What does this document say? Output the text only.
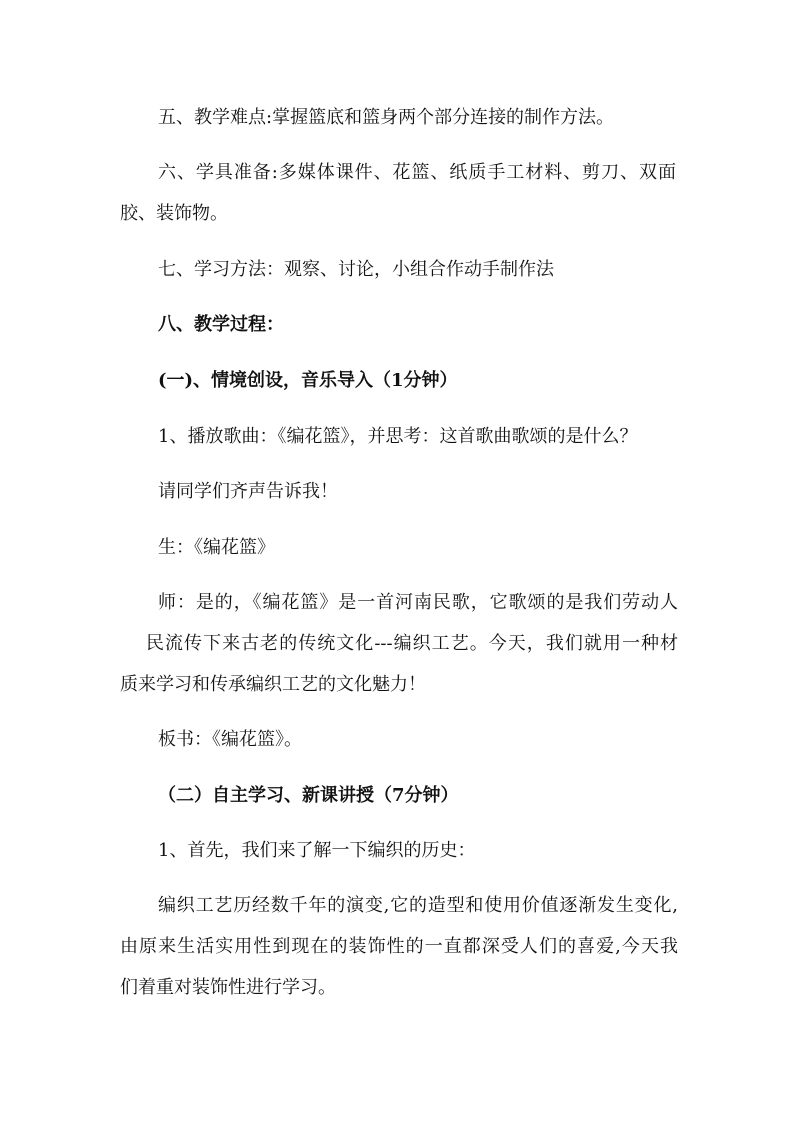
五、教学难点:掌握篮底和篮身两个部分连接的制作方法。
六、学具准备:多媒体课件、花篮、纸质手工材料、剪刀、双面
胶、装饰物。
七、学习方法：观察、讨论，小组合作动手制作法
八、教学过程：
(一)、情境创设，音乐导入（1分钟）
1、播放歌曲：《编花篮》，并思考：这首歌曲歌颂的是什么？
请同学们齐声告诉我！
生：《编花篮》
师：是的，《编花篮》是一首河南民歌，它歌颂的是我们劳动人
民流传下来古老的传统文化---编织工艺。今天，我们就用一种材
质来学习和传承编织工艺的文化魅力！
板书：《编花篮》。
（二）自主学习、新课讲授（7分钟）
1、首先，我们来了解一下编织的历史：
编织工艺历经数千年的演变,它的造型和使用价值逐渐发生变化,
由原来生活实用性到现在的装饰性的一直都深受人们的喜爱,今天我
们着重对装饰性进行学习。
